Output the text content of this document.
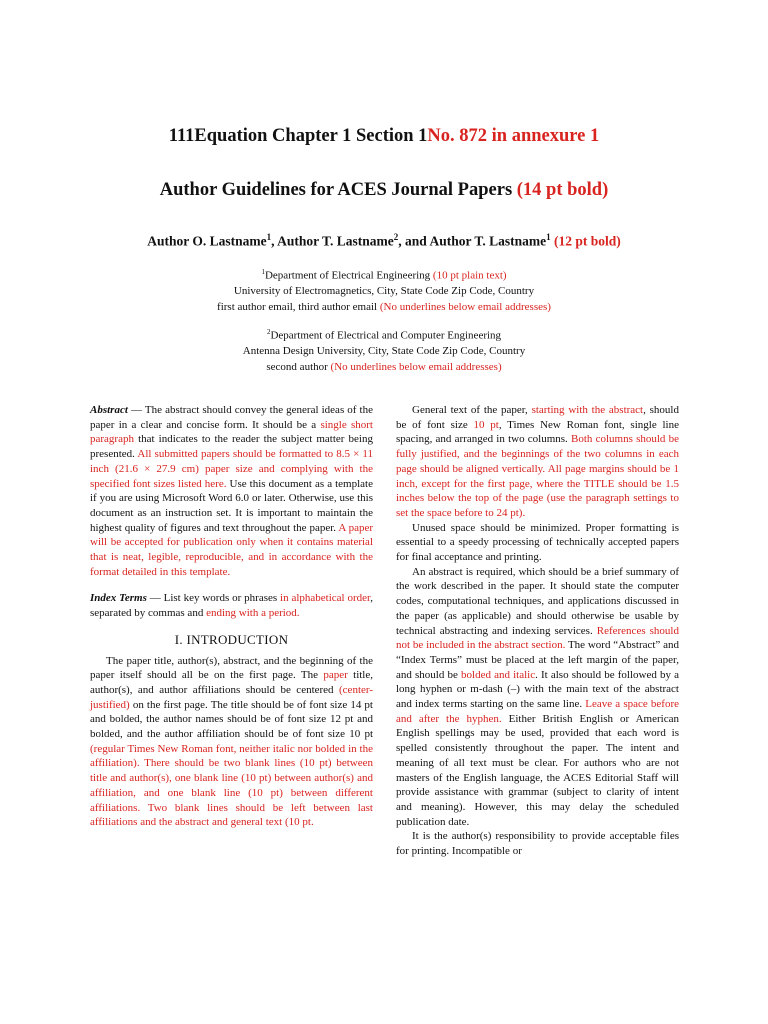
111Equation Chapter 1 Section 1No. 872 in annexure 1
Author Guidelines for ACES Journal Papers (14 pt bold)
Author O. Lastname$^1$, Author T. Lastname$^2$, and Author T. Lastname$^1$ (12 pt bold)
$^1$Department of Electrical Engineering (10 pt plain text)
University of Electromagnetics, City, State Code Zip Code, Country
first author email, third author email (No underlines below email addresses)
$^2$Department of Electrical and Computer Engineering
Antenna Design University, City, State Code Zip Code, Country
second author (No underlines below email addresses)

Abstract — The abstract should convey the general ideas of the paper in a clear and concise form. It should be a single short paragraph that indicates to the reader the subject matter being presented. All submitted papers should be formatted to 8.5 × 11 inch (21.6 × 27.9 cm) paper size and complying with the specified font sizes listed here. Use this document as a template if you are using Microsoft Word 6.0 or later. Otherwise, use this document as an instruction set. It is important to maintain the highest quality of figures and text throughout the paper. A paper will be accepted for publication only when it contains material that is neat, legible, reproducible, and in accordance with the format detailed in this template.

Index Terms — List key words or phrases in alphabetical order, separated by commas and ending with a period.

I. INTRODUCTION

The paper title, author(s), abstract, and the beginning of the paper itself should all be on the first page. The paper title, author(s), and author affiliations should be centered (center-justified) on the first page. The title should be of font size 14 pt and bolded, the author names should be of font size 12 pt and bolded, and the author affiliation should be of font size 10 pt (regular Times New Roman font, neither italic nor bolded in the affiliation). There should be two blank lines (10 pt) between title and author(s), one blank line (10 pt) between author(s) and affiliation, and one blank line (10 pt) between different affiliations. Two blank lines should be left between last affiliations and the abstract and general text (10 pt.

General text of the paper, starting with the abstract, should be of font size 10 pt, Times New Roman font, single line spacing, and arranged in two columns. Both columns should be fully justified, and the beginnings of the two columns in each page should be aligned vertically. All page margins should be 1 inch, except for the first page, where the TITLE should be 1.5 inches below the top of the page (use the paragraph settings to set the space before to 24 pt).

Unused space should be minimized. Proper formatting is essential to a speedy processing of technically accepted papers for final acceptance and printing.

An abstract is required, which should be a brief summary of the work described in the paper. It should state the computer codes, computational techniques, and applications discussed in the paper (as applicable) and should otherwise be usable by technical abstracting and indexing services. References should not be included in the abstract section. The word “Abstract” and “Index Terms” must be placed at the left margin of the paper, and should be bolded and italic. It also should be followed by a long hyphen or m-dash (–) with the main text of the abstract and index terms starting on the same line. Leave a space before and after the hyphen. Either British English or American English spellings may be used, provided that each word is spelled consistently throughout the paper. The intent and meaning of all text must be clear. For authors who are not masters of the English language, the ACES Editorial Staff will provide assistance with grammar (subject to clarity of intent and meaning). However, this may delay the scheduled publication date.

It is the author(s) responsibility to provide acceptable files for printing. Incompatible or
